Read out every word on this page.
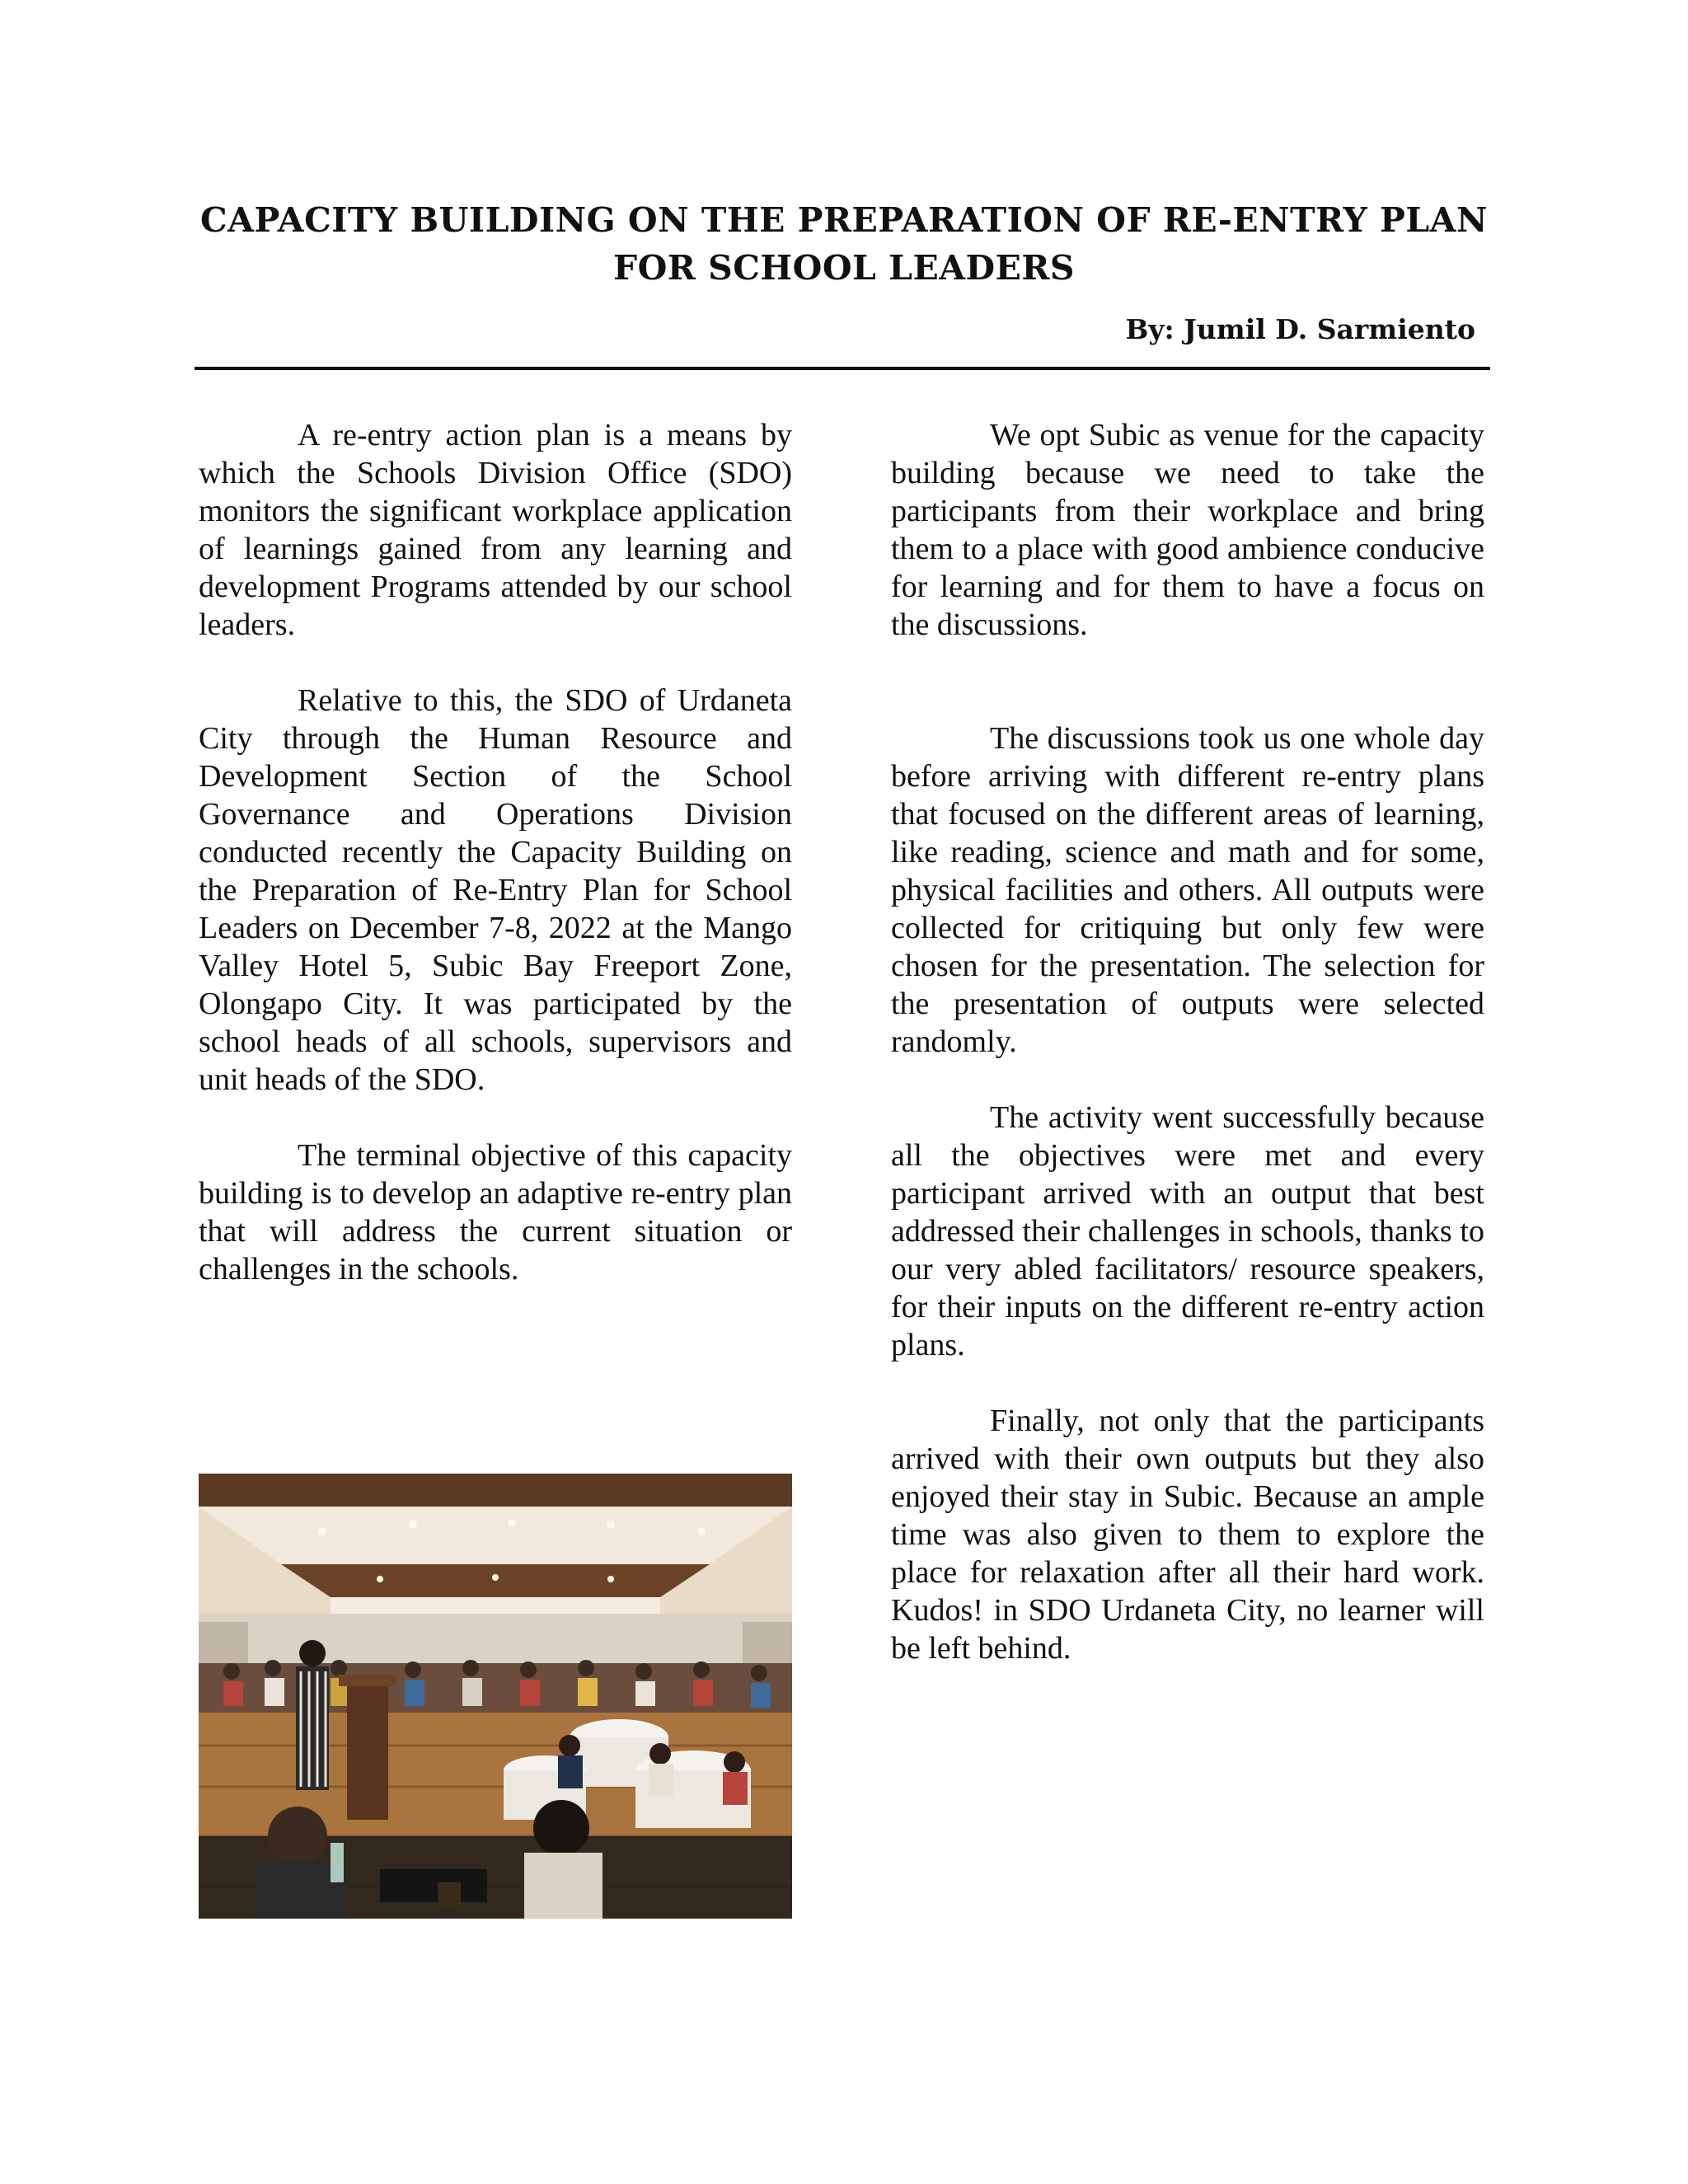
CAPACITY BUILDING ON THE PREPARATION OF RE-ENTRY PLAN FOR SCHOOL LEADERS
By: Jumil D. Sarmiento

A re-entry action plan is a means by which the Schools Division Office (SDO) monitors the significant workplace application of learnings gained from any learning and development Programs attended by our school leaders.

Relative to this, the SDO of Urdaneta City through the Human Resource and Development Section of the School Governance and Operations Division conducted recently the Capacity Building on the Preparation of Re-Entry Plan for School Leaders on December 7-8, 2022 at the Mango Valley Hotel 5, Subic Bay Freeport Zone, Olongapo City. It was participated by the school heads of all schools, supervisors and unit heads of the SDO.

The terminal objective of this capacity building is to develop an adaptive re-entry plan that will address the current situation or challenges in the schools.

We opt Subic as venue for the capacity building because we need to take the participants from their workplace and bring them to a place with good ambience conducive for learning and for them to have a focus on the discussions.

The discussions took us one whole day before arriving with different re-entry plans that focused on the different areas of learning, like reading, science and math and for some, physical facilities and others. All outputs were collected for critiquing but only few were chosen for the presentation. The selection for the presentation of outputs were selected randomly.

The activity went successfully because all the objectives were met and every participant arrived with an output that best addressed their challenges in schools, thanks to our very abled facilitators/ resource speakers, for their inputs on the different re-entry action plans.

Finally, not only that the participants arrived with their own outputs but they also enjoyed their stay in Subic. Because an ample time was also given to them to explore the place for relaxation after all their hard work. Kudos! in SDO Urdaneta City, no learner will be left behind.
